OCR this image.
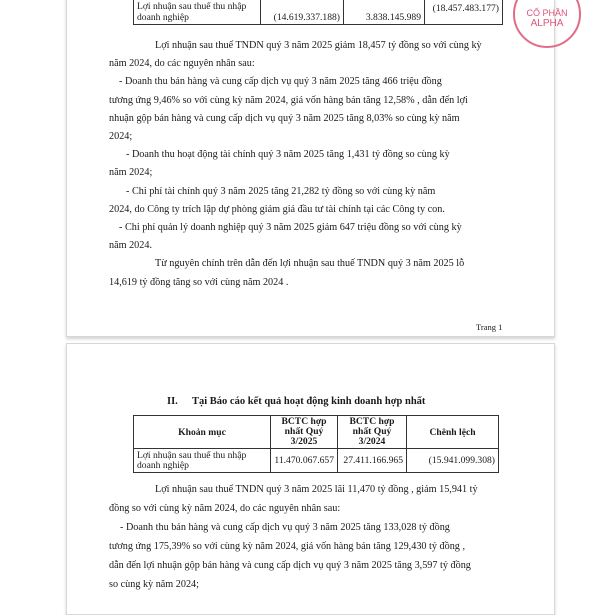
Lợi nhuận sau thuế thu nhập
doanh nghiệp	(14.619.337.188)	3.838.145.989	(18.457.483.177)	CỔ PHẦN
ALPHA
Lợi nhuận sau thuế TNDN quý 3 năm 2025 giảm 18,457 tỷ đồng so với cùng kỳ
năm 2024, do các nguyên nhân sau:
- Doanh thu bán hàng và cung cấp dịch vụ quý 3 năm 2025 tăng 466 triệu đồng
tương ứng 9,46% so với cùng kỳ năm 2024, giá vốn hàng bán tăng 12,58% , dẫn đến lợi
nhuận gộp bán hàng và cung cấp dịch vụ quý 3 năm 2025 tăng 8,03% so cùng kỳ năm
2024;
- Doanh thu hoạt động tài chính quý 3 năm 2025 tăng 1,431 tỷ đồng so cùng kỳ
năm 2024;
- Chi phí tài chính quý 3 năm 2025 tăng 21,282 tỷ đồng so với cùng kỳ năm
2024, do Công ty trích lập dự phòng giảm giá đầu tư tài chính tại các Công ty con.
- Chi phí quản lý doanh nghiệp quý 3 năm 2025 giảm 647 triệu đồng so với cùng kỳ
năm 2024.
Từ nguyên chính trên dẫn đến lợi nhuận sau thuế TNDN quý 3 năm 2025 lỗ
14,619 tỷ đồng tăng so với cùng năm 2024 .
Trang 1
II. Tại Báo cáo kết quả hoạt động kinh doanh hợp nhất
Khoản mục	BCTC hợp nhất Quý 3/2025	BCTC hợp nhất Quý 3/2024	Chênh lệch
Lợi nhuận sau thuế thu nhập doanh nghiệp	11.470.067.657	27.411.166.965	(15.941.099.308)
Lợi nhuận sau thuế TNDN quý 3 năm 2025 lãi 11,470 tỷ đồng , giảm 15,941 tỷ
đồng so với cùng kỳ năm 2024, do các nguyên nhân sau:
- Doanh thu bán hàng và cung cấp dịch vụ quý 3 năm 2025 tăng 133,028 tỷ đồng
tương ứng 175,39% so với cùng kỳ năm 2024, giá vốn hàng bán tăng 129,430 tỷ đồng ,
dẫn đến lợi nhuận gộp bán hàng và cung cấp dịch vụ quý 3 năm 2025 tăng 3,597 tỷ đồng
so cùng kỳ năm 2024;
